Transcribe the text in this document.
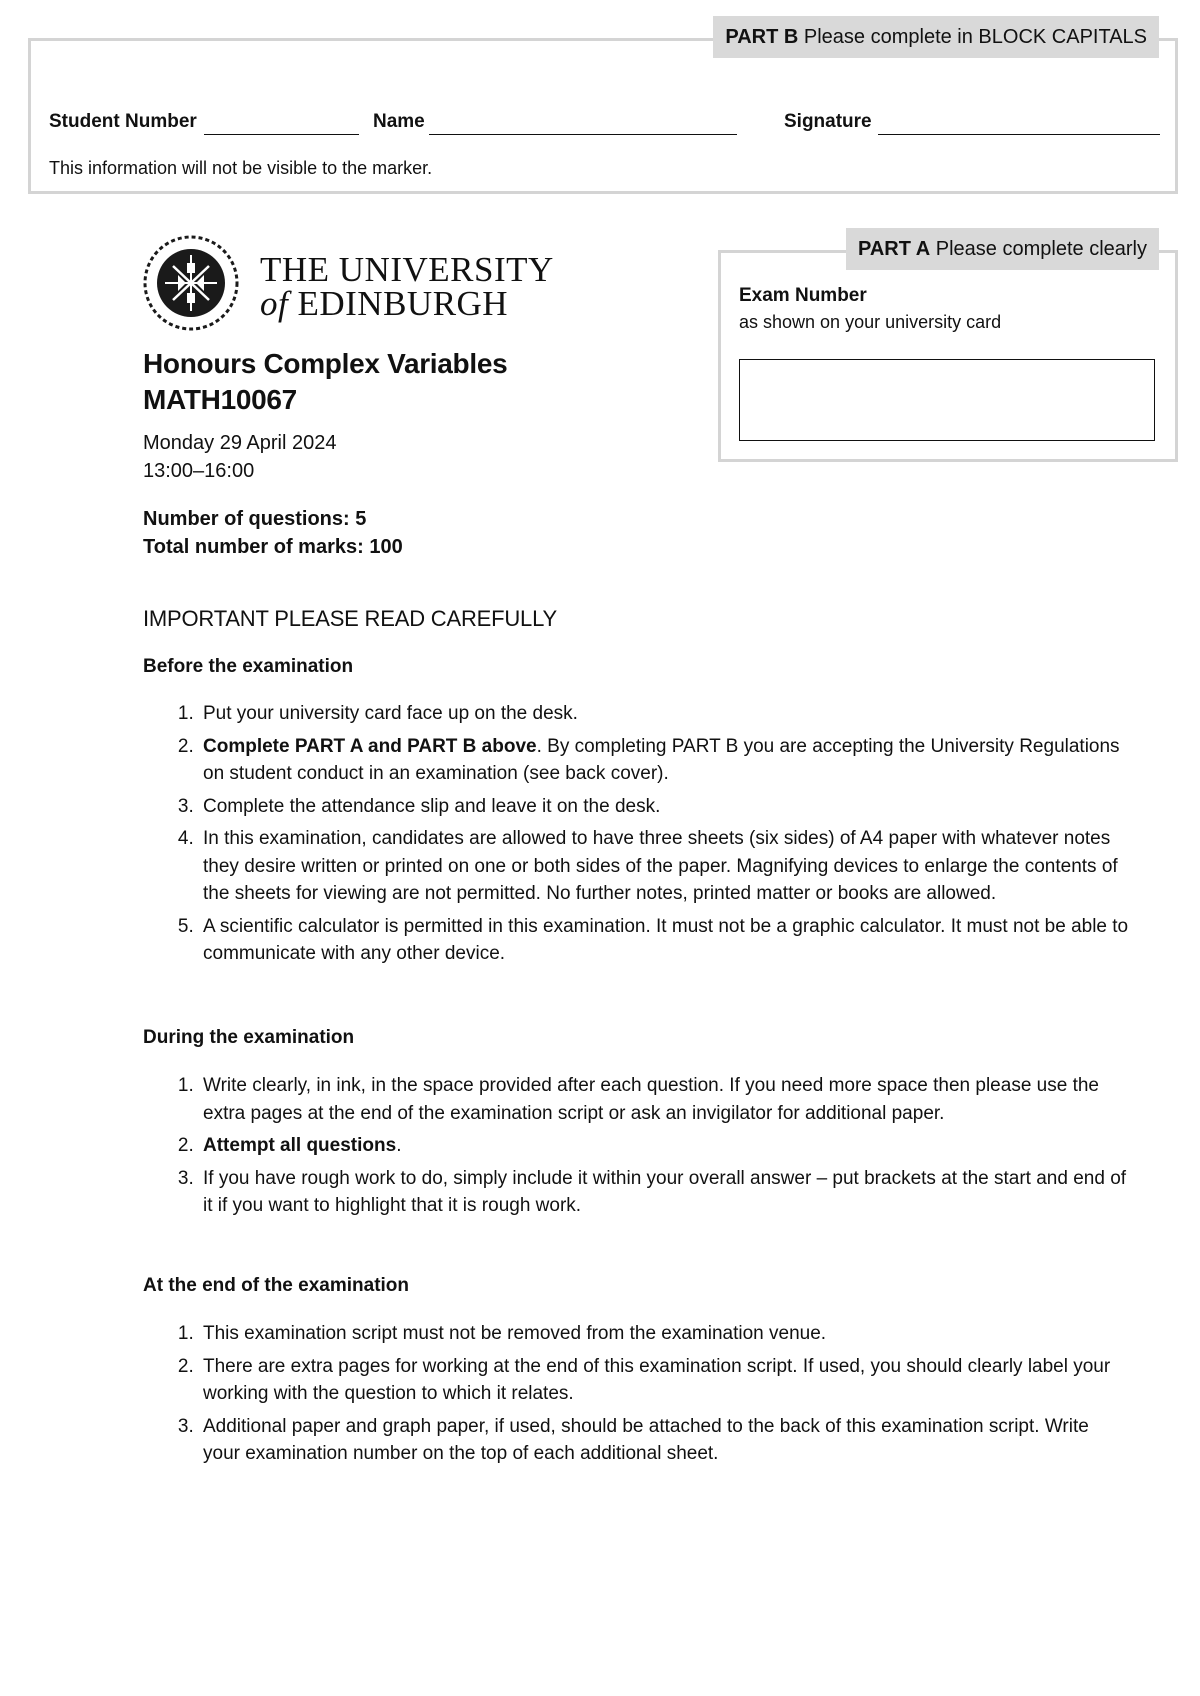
PART B Please complete in BLOCK CAPITALS
Student Number	Name	Signature
This information will not be visible to the marker.
THE UNIVERSITY
of EDINBURGH
PART A Please complete clearly
Exam Number
as shown on your university card
Honours Complex Variables
MATH10067
Monday 29 April 2024
13:00–16:00
Number of questions: 5
Total number of marks: 100
IMPORTANT PLEASE READ CAREFULLY
Before the examination
1. Put your university card face up on the desk.
2. Complete PART A and PART B above. By completing PART B you are accepting the University Regulations on student conduct in an examination (see back cover).
3. Complete the attendance slip and leave it on the desk.
4. In this examination, candidates are allowed to have three sheets (six sides) of A4 paper with whatever notes they desire written or printed on one or both sides of the paper. Magnifying devices to enlarge the contents of the sheets for viewing are not permitted. No further notes, printed matter or books are allowed.
5. A scientific calculator is permitted in this examination. It must not be a graphic calculator. It must not be able to communicate with any other device.
During the examination
1. Write clearly, in ink, in the space provided after each question. If you need more space then please use the extra pages at the end of the examination script or ask an invigilator for additional paper.
2. Attempt all questions.
3. If you have rough work to do, simply include it within your overall answer – put brackets at the start and end of it if you want to highlight that it is rough work.
At the end of the examination
1. This examination script must not be removed from the examination venue.
2. There are extra pages for working at the end of this examination script. If used, you should clearly label your working with the question to which it relates.
3. Additional paper and graph paper, if used, should be attached to the back of this examination script. Write your examination number on the top of each additional sheet.
